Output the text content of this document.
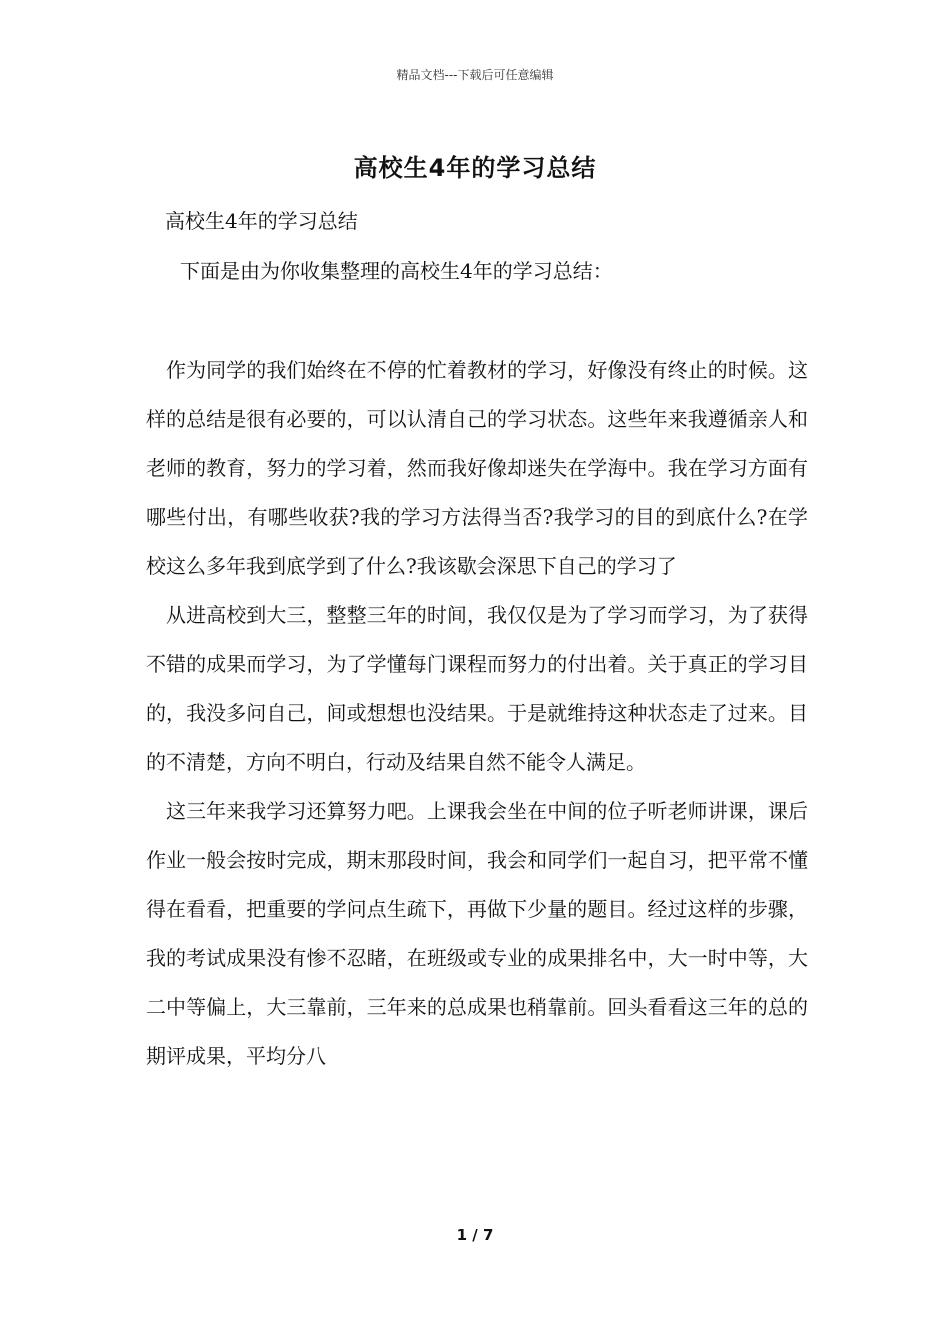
精品文档---下载后可任意编辑
高校生4年的学习总结
高校生4年的学习总结
下面是由为你收集整理的高校生4年的学习总结：

作为同学的我们始终在不停的忙着教材的学习，好像没有终止的时候。这样的总结是很有必要的，可以认清自己的学习状态。这些年来我遵循亲人和老师的教育，努力的学习着，然而我好像却迷失在学海中。我在学习方面有哪些付出，有哪些收获?我的学习方法得当否?我学习的目的到底什么?在学校这么多年我到底学到了什么?我该歇会深思下自己的学习了

从进高校到大三，整整三年的时间，我仅仅是为了学习而学习，为了获得不错的成果而学习，为了学懂每门课程而努力的付出着。关于真正的学习目的，我没多问自己，间或想想也没结果。于是就维持这种状态走了过来。目的不清楚，方向不明白，行动及结果自然不能令人满足。

这三年来我学习还算努力吧。上课我会坐在中间的位子听老师讲课，课后作业一般会按时完成，期末那段时间，我会和同学们一起自习，把平常不懂得在看看，把重要的学问点生疏下，再做下少量的题目。经过这样的步骤，我的考试成果没有惨不忍睹，在班级或专业的成果排名中，大一时中等，大二中等偏上，大三靠前，三年来的总成果也稍靠前。回头看看这三年的总的期评成果，平均分八

1 / 7
